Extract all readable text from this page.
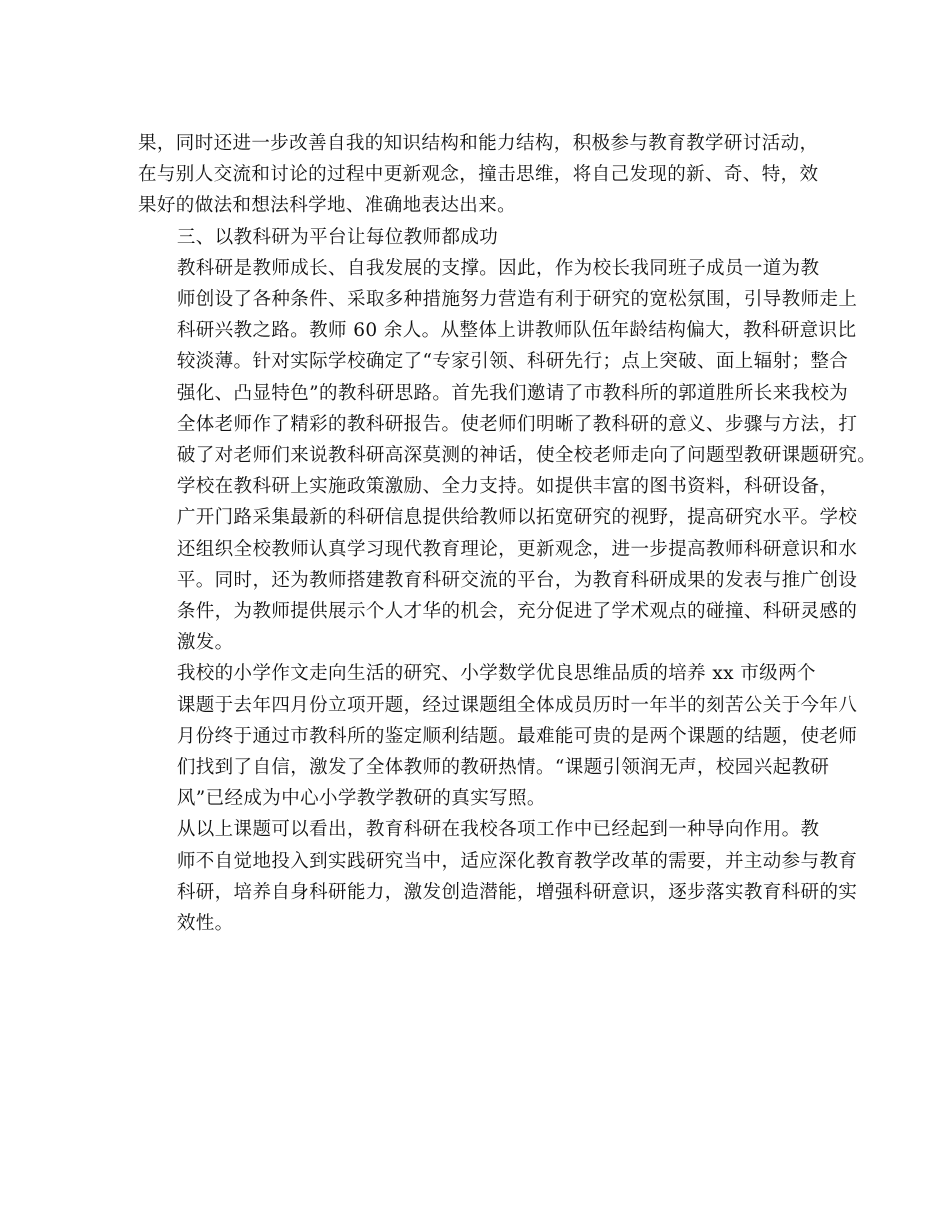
果，同时还进一步改善自我的知识结构和能力结构，积极参与教育教学研讨活动，
在与别人交流和讨论的过程中更新观念，撞击思维，将自己发现的新、奇、特，效
果好的做法和想法科学地、准确地表达出来。

三、以教科研为平台让每位教师都成功

教科研是教师成长、自我发展的支撑。因此，作为校长我同班子成员一道为教
师创设了各种条件、采取多种措施努力营造有利于研究的宽松氛围，引导教师走上
科研兴教之路。教师 60 余人。从整体上讲教师队伍年龄结构偏大，教科研意识比
较淡薄。针对实际学校确定了“专家引领、科研先行；点上突破、面上辐射；整合
强化、凸显特色”的教科研思路。首先我们邀请了市教科所的郭道胜所长来我校为
全体老师作了精彩的教科研报告。使老师们明晰了教科研的意义、步骤与方法，打
破了对老师们来说教科研高深莫测的神话，使全校老师走向了问题型教研课题研究。

学校在教科研上实施政策激励、全力支持。如提供丰富的图书资料，科研设备，
广开门路采集最新的科研信息提供给教师以拓宽研究的视野，提高研究水平。学校
还组织全校教师认真学习现代教育理论，更新观念，进一步提高教师科研意识和水
平。同时，还为教师搭建教育科研交流的平台，为教育科研成果的发表与推广创设
条件，为教师提供展示个人才华的机会，充分促进了学术观点的碰撞、科研灵感的
激发。

我校的小学作文走向生活的研究、小学数学优良思维品质的培养 xx 市级两个
课题于去年四月份立项开题，经过课题组全体成员历时一年半的刻苦公关于今年八
月份终于通过市教科所的鉴定顺利结题。最难能可贵的是两个课题的结题，使老师
们找到了自信，激发了全体教师的教研热情。“课题引领润无声，校园兴起教研
风”已经成为中心小学教学教研的真实写照。

从以上课题可以看出，教育科研在我校各项工作中已经起到一种导向作用。教
师不自觉地投入到实践研究当中，适应深化教育教学改革的需要，并主动参与教育
科研，培养自身科研能力，激发创造潜能，增强科研意识，逐步落实教育科研的实
效性。
